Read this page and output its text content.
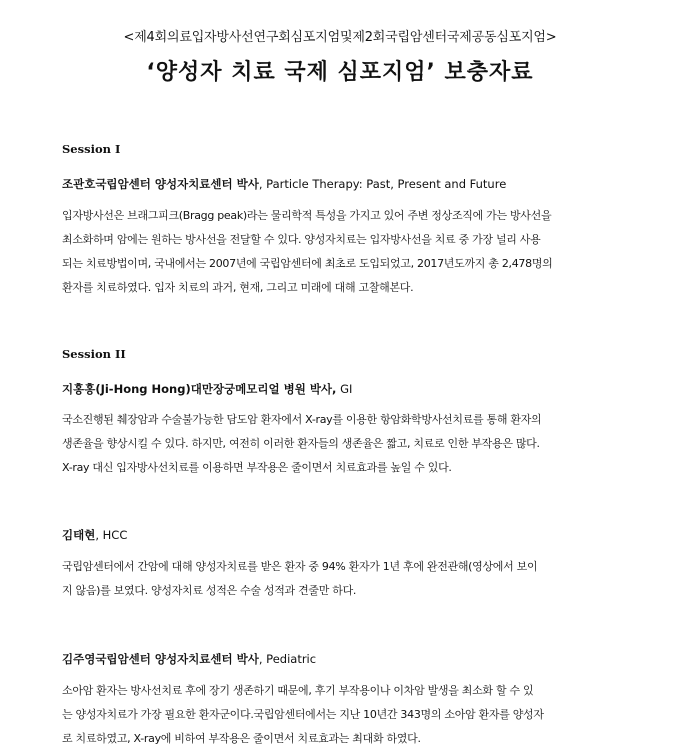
<제4회의료입자방사선연구회심포지엄및제2회국립암센터국제공동심포지엄>
‘양성자 치료 국제 심포지엄’ 보충자료

Session I

조관호국립암센터 양성자치료센터 박사, Particle Therapy: Past, Present and Future

입자방사선은 브래그피크(Bragg peak)라는 물리학적 특성을 가지고 있어 주변 정상조직에 가는 방사선을

최소화하며 암에는 원하는 방사선을 전달할 수 있다. 양성자치료는 입자방사선을 치료 중 가장 널리 사용

되는 치료방법이며, 국내에서는 2007년에 국립암센터에 최초로 도입되었고, 2017년도까지 총 2,478명의

환자를 치료하였다. 입자 치료의 과거, 현재, 그리고 미래에 대해 고찰해본다.

Session II

지홍홍(Ji-Hong Hong)대만장궁메모리얼 병원 박사, GI

국소진행된 췌장암과 수술불가능한 담도암 환자에서 X-ray를 이용한 항암화학방사선치료를 통해 환자의

생존율을 향상시킬 수 있다. 하지만, 여전히 이러한 환자들의 생존율은 짧고, 치료로 인한 부작용은 많다.

X-ray 대신 입자방사선치료를 이용하면 부작용은 줄이면서 치료효과를 높일 수 있다.

김태현, HCC

국립암센터에서 간암에 대해 양성자치료를 받은 환자 중 94% 환자가 1년 후에 완전관해(영상에서 보이

지 않음)를 보였다. 양성자치료 성적은 수술 성적과 견줄만 하다.

김주영국립암센터 양성자치료센터 박사, Pediatric

소아암 환자는 방사선치료 후에 장기 생존하기 때문에, 후기 부작용이나 이차암 발생을 최소화 할 수 있

는 양성자치료가 가장 필요한 환자군이다.국립암센터에서는 지난 10년간 343명의 소아암 환자를 양성자

로 치료하였고, X-ray에 비하여 부작용은 줄이면서 치료효과는 최대화 하였다.
